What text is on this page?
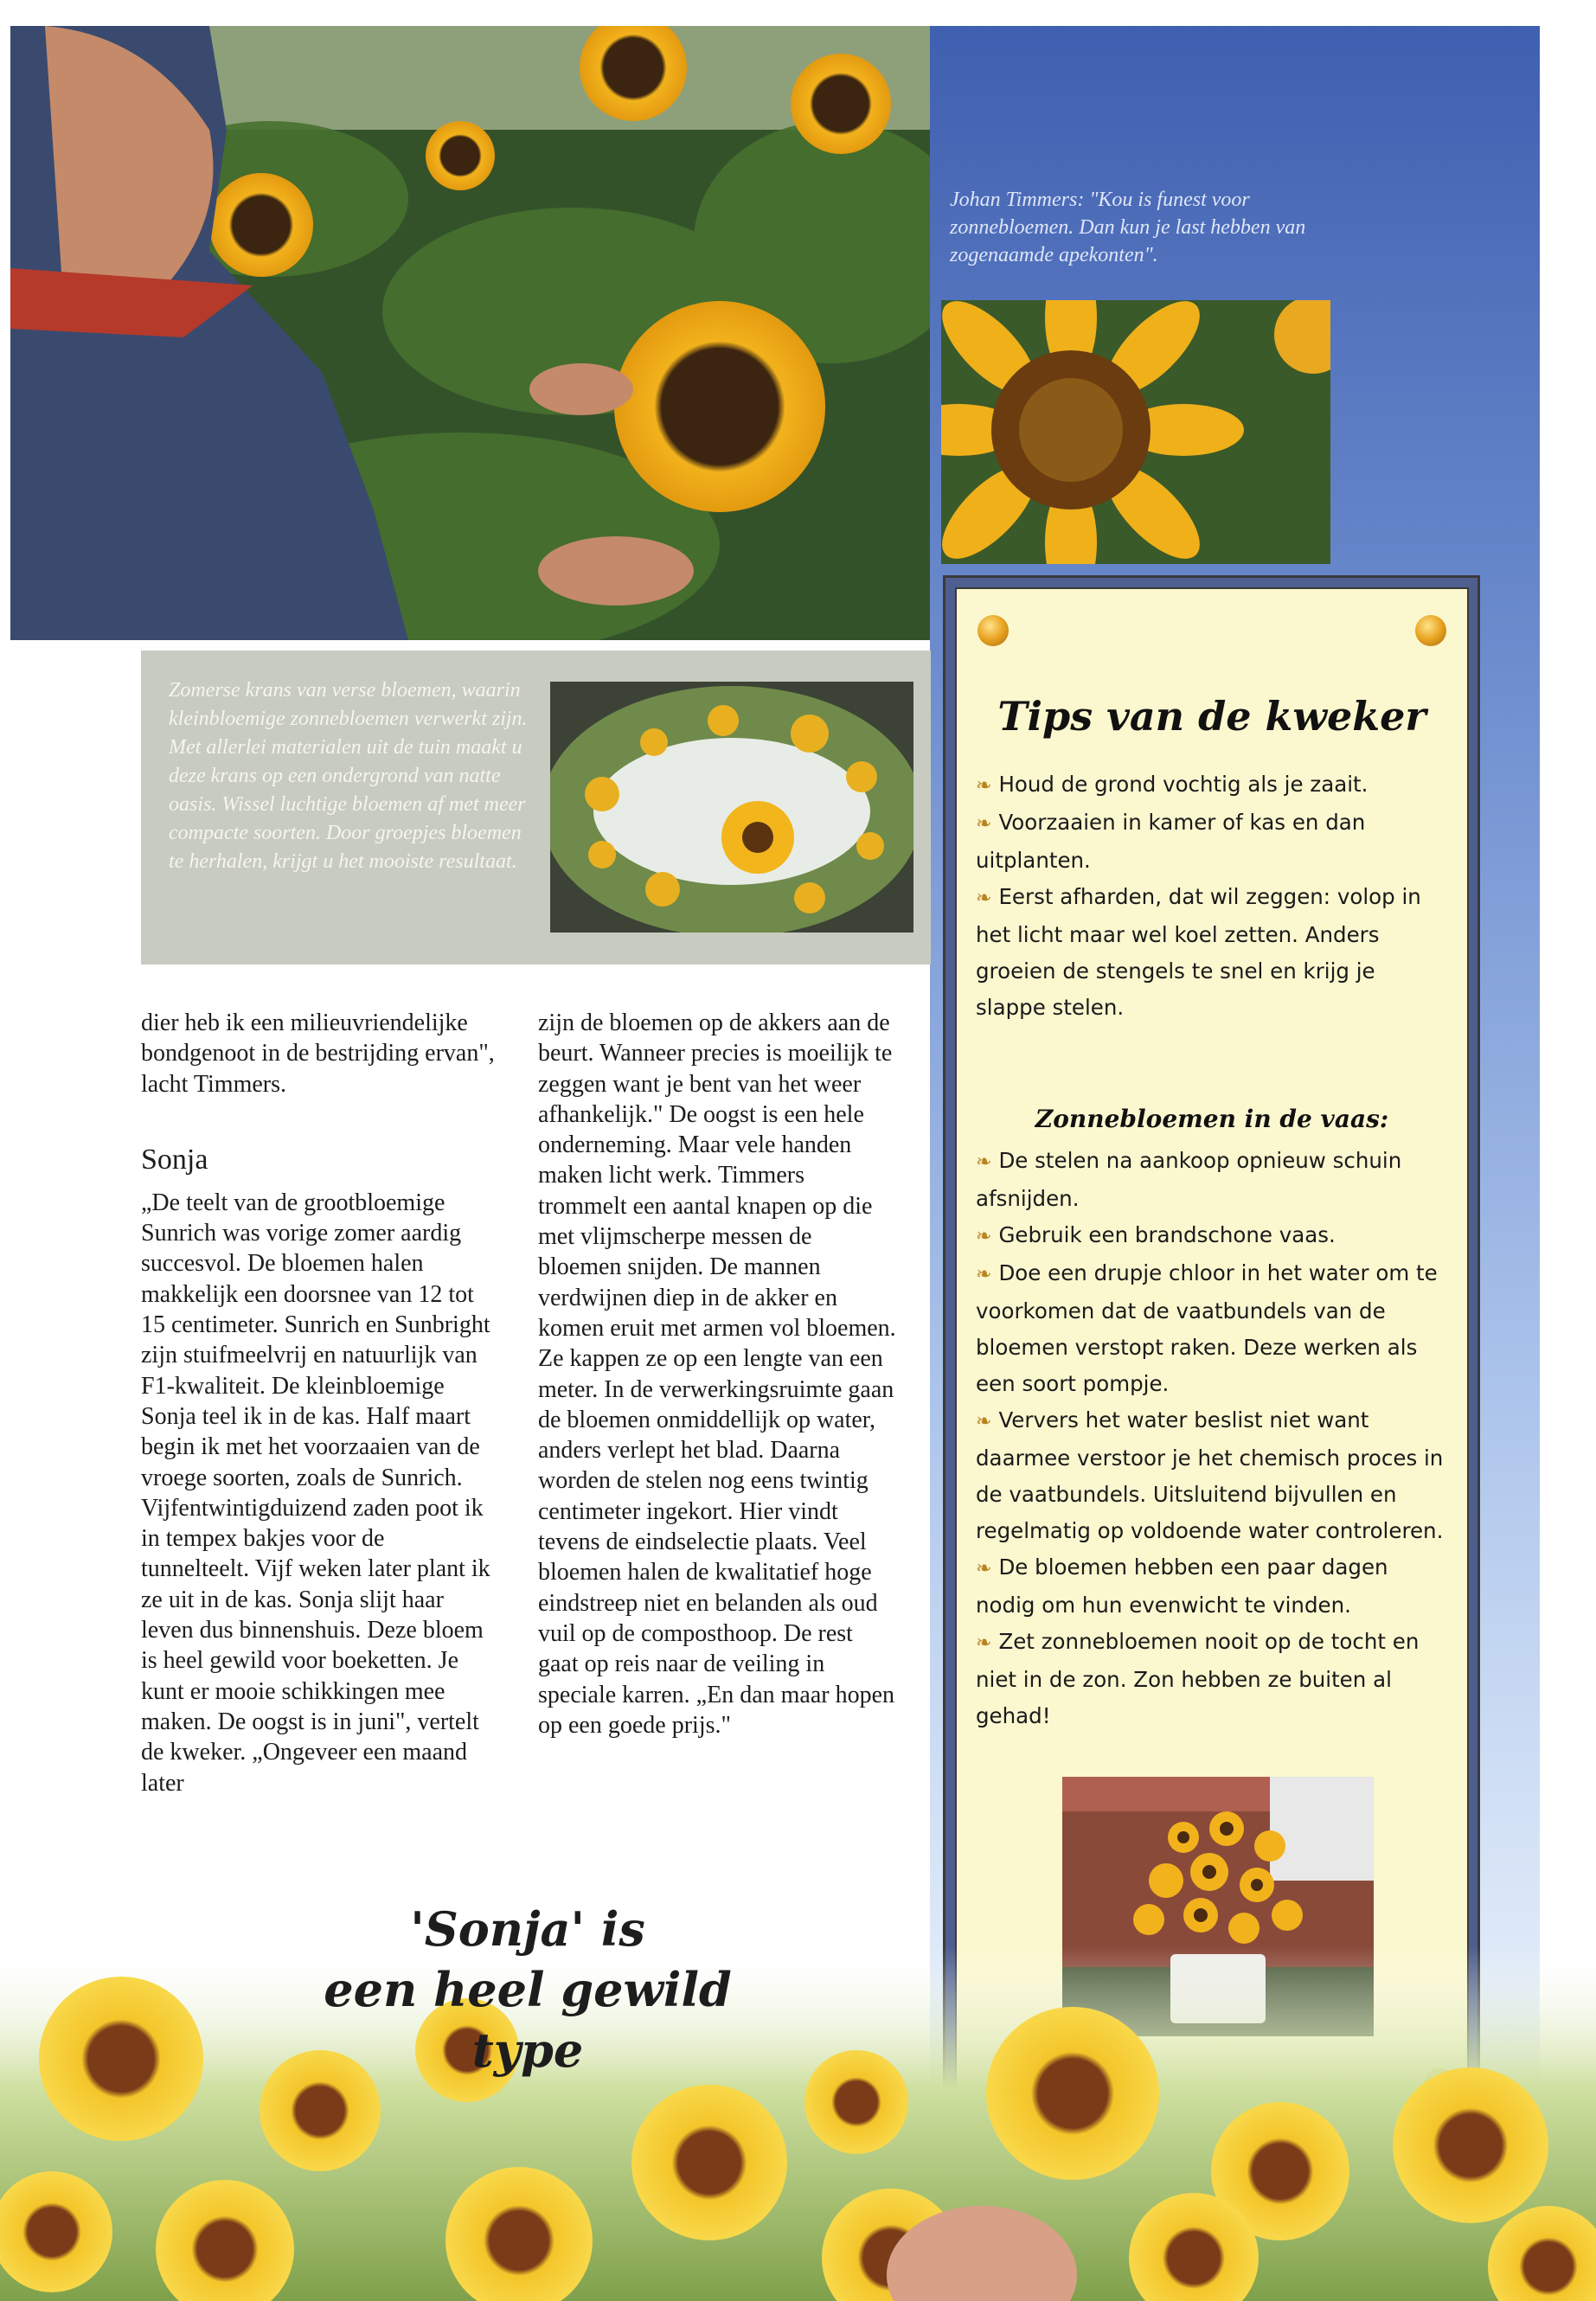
Johan Timmers: "Kou is funest voor zonnebloemen. Dan kun je last hebben van zogenaamde apekonten".
Zomerse krans van verse bloemen, waarin kleinbloemige zonnebloemen verwerkt zijn. Met allerlei materialen uit de tuin maakt u deze krans op een ondergrond van natte oasis. Wissel luchtige bloemen af met meer compacte soorten. Door groepjes bloemen te herhalen, krijgt u het mooiste resultaat.

dier heb ik een milieuvriendelijke bondgenoot in de bestrijding ervan", lacht Timmers.

Sonja

„De teelt van de grootbloemige Sunrich was vorige zomer aardig succesvol. De bloemen halen makkelijk een doorsnee van 12 tot 15 centimeter. Sunrich en Sunbright zijn stuifmeelvrij en natuurlijk van F1-kwaliteit. De kleinbloemige Sonja teel ik in de kas. Half maart begin ik met het voorzaaien van de vroege soorten, zoals de Sunrich. Vijfentwintigduizend zaden poot ik in tempex bakjes voor de tunnelteelt. Vijf weken later plant ik ze uit in de kas. Sonja slijt haar leven dus binnenshuis. Deze bloem is heel gewild voor boeketten. Je kunt er mooie schikkingen mee maken. De oogst is in juni", vertelt de kweker. „Ongeveer een maand later

zijn de bloemen op de akkers aan de beurt. Wanneer precies is moeilijk te zeggen want je bent van het weer afhankelijk." De oogst is een hele onderneming. Maar vele handen maken licht werk. Timmers trommelt een aantal knapen op die met vlijmscherpe messen de bloemen snijden. De mannen verdwijnen diep in de akker en komen eruit met armen vol bloemen. Ze kappen ze op een lengte van een meter. In de verwerkingsruimte gaan de bloemen onmiddellijk op water, anders verlept het blad. Daarna worden de stelen nog eens twintig centimeter ingekort. Hier vindt tevens de eindselectie plaats. Veel bloemen halen de kwalitatief hoge eindstreep niet en belanden als oud vuil op de composthoop. De rest gaat op reis naar de veiling in speciale karren. „En dan maar hopen op een goede prijs."

Tips van de kweker

❧ Houd de grond vochtig als je zaait.

❧ Voorzaaien in kamer of kas en dan uitplanten.

❧ Eerst afharden, dat wil zeggen: volop in het licht maar wel koel zetten. Anders groeien de stengels te snel en krijg je slappe stelen.

Zonnebloemen in de vaas:

❧ De stelen na aankoop opnieuw schuin afsnijden.

❧ Gebruik een brandschone vaas.

❧ Doe een drupje chloor in het water om te voorkomen dat de vaatbundels van de bloemen verstopt raken. Deze werken als een soort pompje.

❧ Ververs het water beslist niet want daarmee verstoor je het chemisch proces in de vaatbundels. Uitsluitend bijvullen en regelmatig op voldoende water controleren.

❧ De bloemen hebben een paar dagen nodig om hun evenwicht te vinden.

❧ Zet zonnebloemen nooit op de tocht en niet in de zon. Zon hebben ze buiten al gehad!

'Sonja' is
een heel gewild type
